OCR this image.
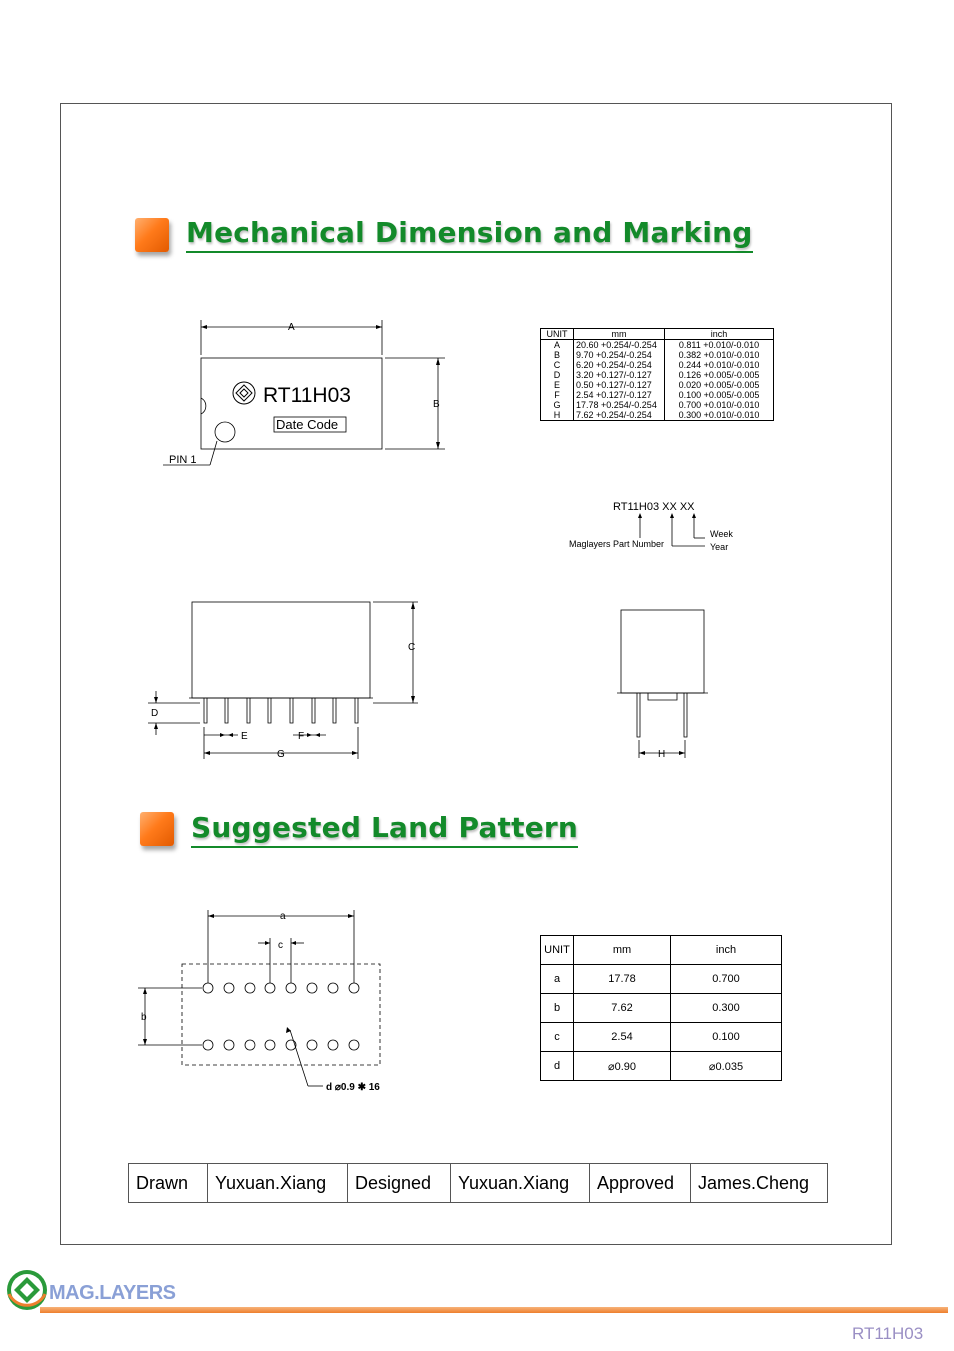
Mechanical Dimension and Marking
RT11H03
Date Code
A
B
PIN 1
UNIT	mm	inch
A	20.60 +0.254/-0.254	0.811 +0.010/-0.010
B	9.70 +0.254/-0.254	0.382 +0.010/-0.010
C	6.20 +0.254/-0.254	0.244 +0.010/-0.010
D	3.20 +0.127/-0.127	0.126 +0.005/-0.005
E	0.50 +0.127/-0.127	0.020 +0.005/-0.005
F	2.54 +0.127/-0.127	0.100 +0.005/-0.005
G	17.78 +0.254/-0.254	0.700 +0.010/-0.010
H	7.62 +0.254/-0.254	0.300 +0.010/-0.010
RT11H03 XX XX
Maglayers Part Number
Week
Year
C
D
E	F
G	H
Suggested Land Pattern
a
c
b
d ⌀0.9 ✱ 16
UNIT	mm	inch
a	17.78	0.700
b	7.62	0.300
c	2.54	0.100
d	⌀0.90	⌀0.035
Drawn	Yuxuan.Xiang	Designed	Yuxuan.Xiang	Approved	James.Cheng
MAG.LAYERS
RT11H03
